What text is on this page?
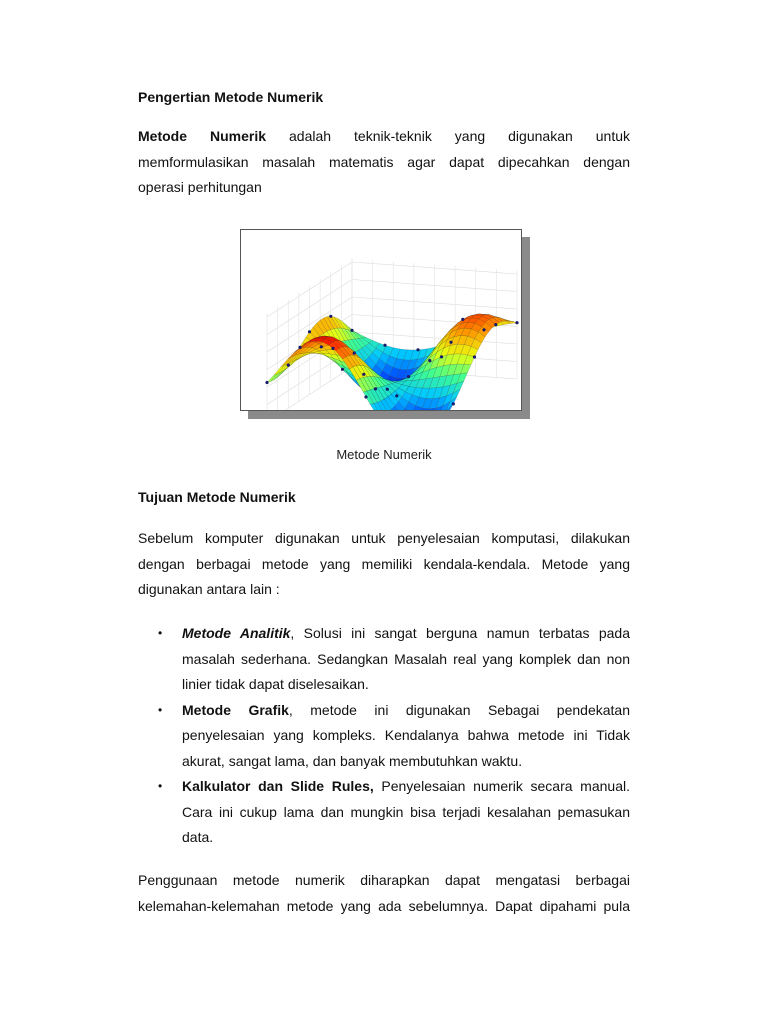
Pengertian Metode Numerik
Metode Numerik adalah teknik-teknik yang digunakan untuk
memformulasikan masalah matematis agar dapat dipecahkan dengan
operasi perhitungan
Metode Numerik
Tujuan Metode Numerik
Sebelum komputer digunakan untuk penyelesaian komputasi, dilakukan
dengan berbagai metode yang memiliki kendala-kendala. Metode yang
digunakan antara lain :
• Metode Analitik, Solusi ini sangat berguna namun terbatas pada
masalah sederhana. Sedangkan Masalah real yang komplek dan non
linier tidak dapat diselesaikan.
• Metode Grafik, metode ini digunakan Sebagai pendekatan
penyelesaian yang kompleks. Kendalanya bahwa metode ini Tidak
akurat, sangat lama, dan banyak membutuhkan waktu.
• Kalkulator dan Slide Rules, Penyelesaian numerik secara manual.
Cara ini cukup lama dan mungkin bisa terjadi kesalahan pemasukan
data.
Penggunaan metode numerik diharapkan dapat mengatasi berbagai
kelemahan-kelemahan metode yang ada sebelumnya. Dapat dipahami pula
